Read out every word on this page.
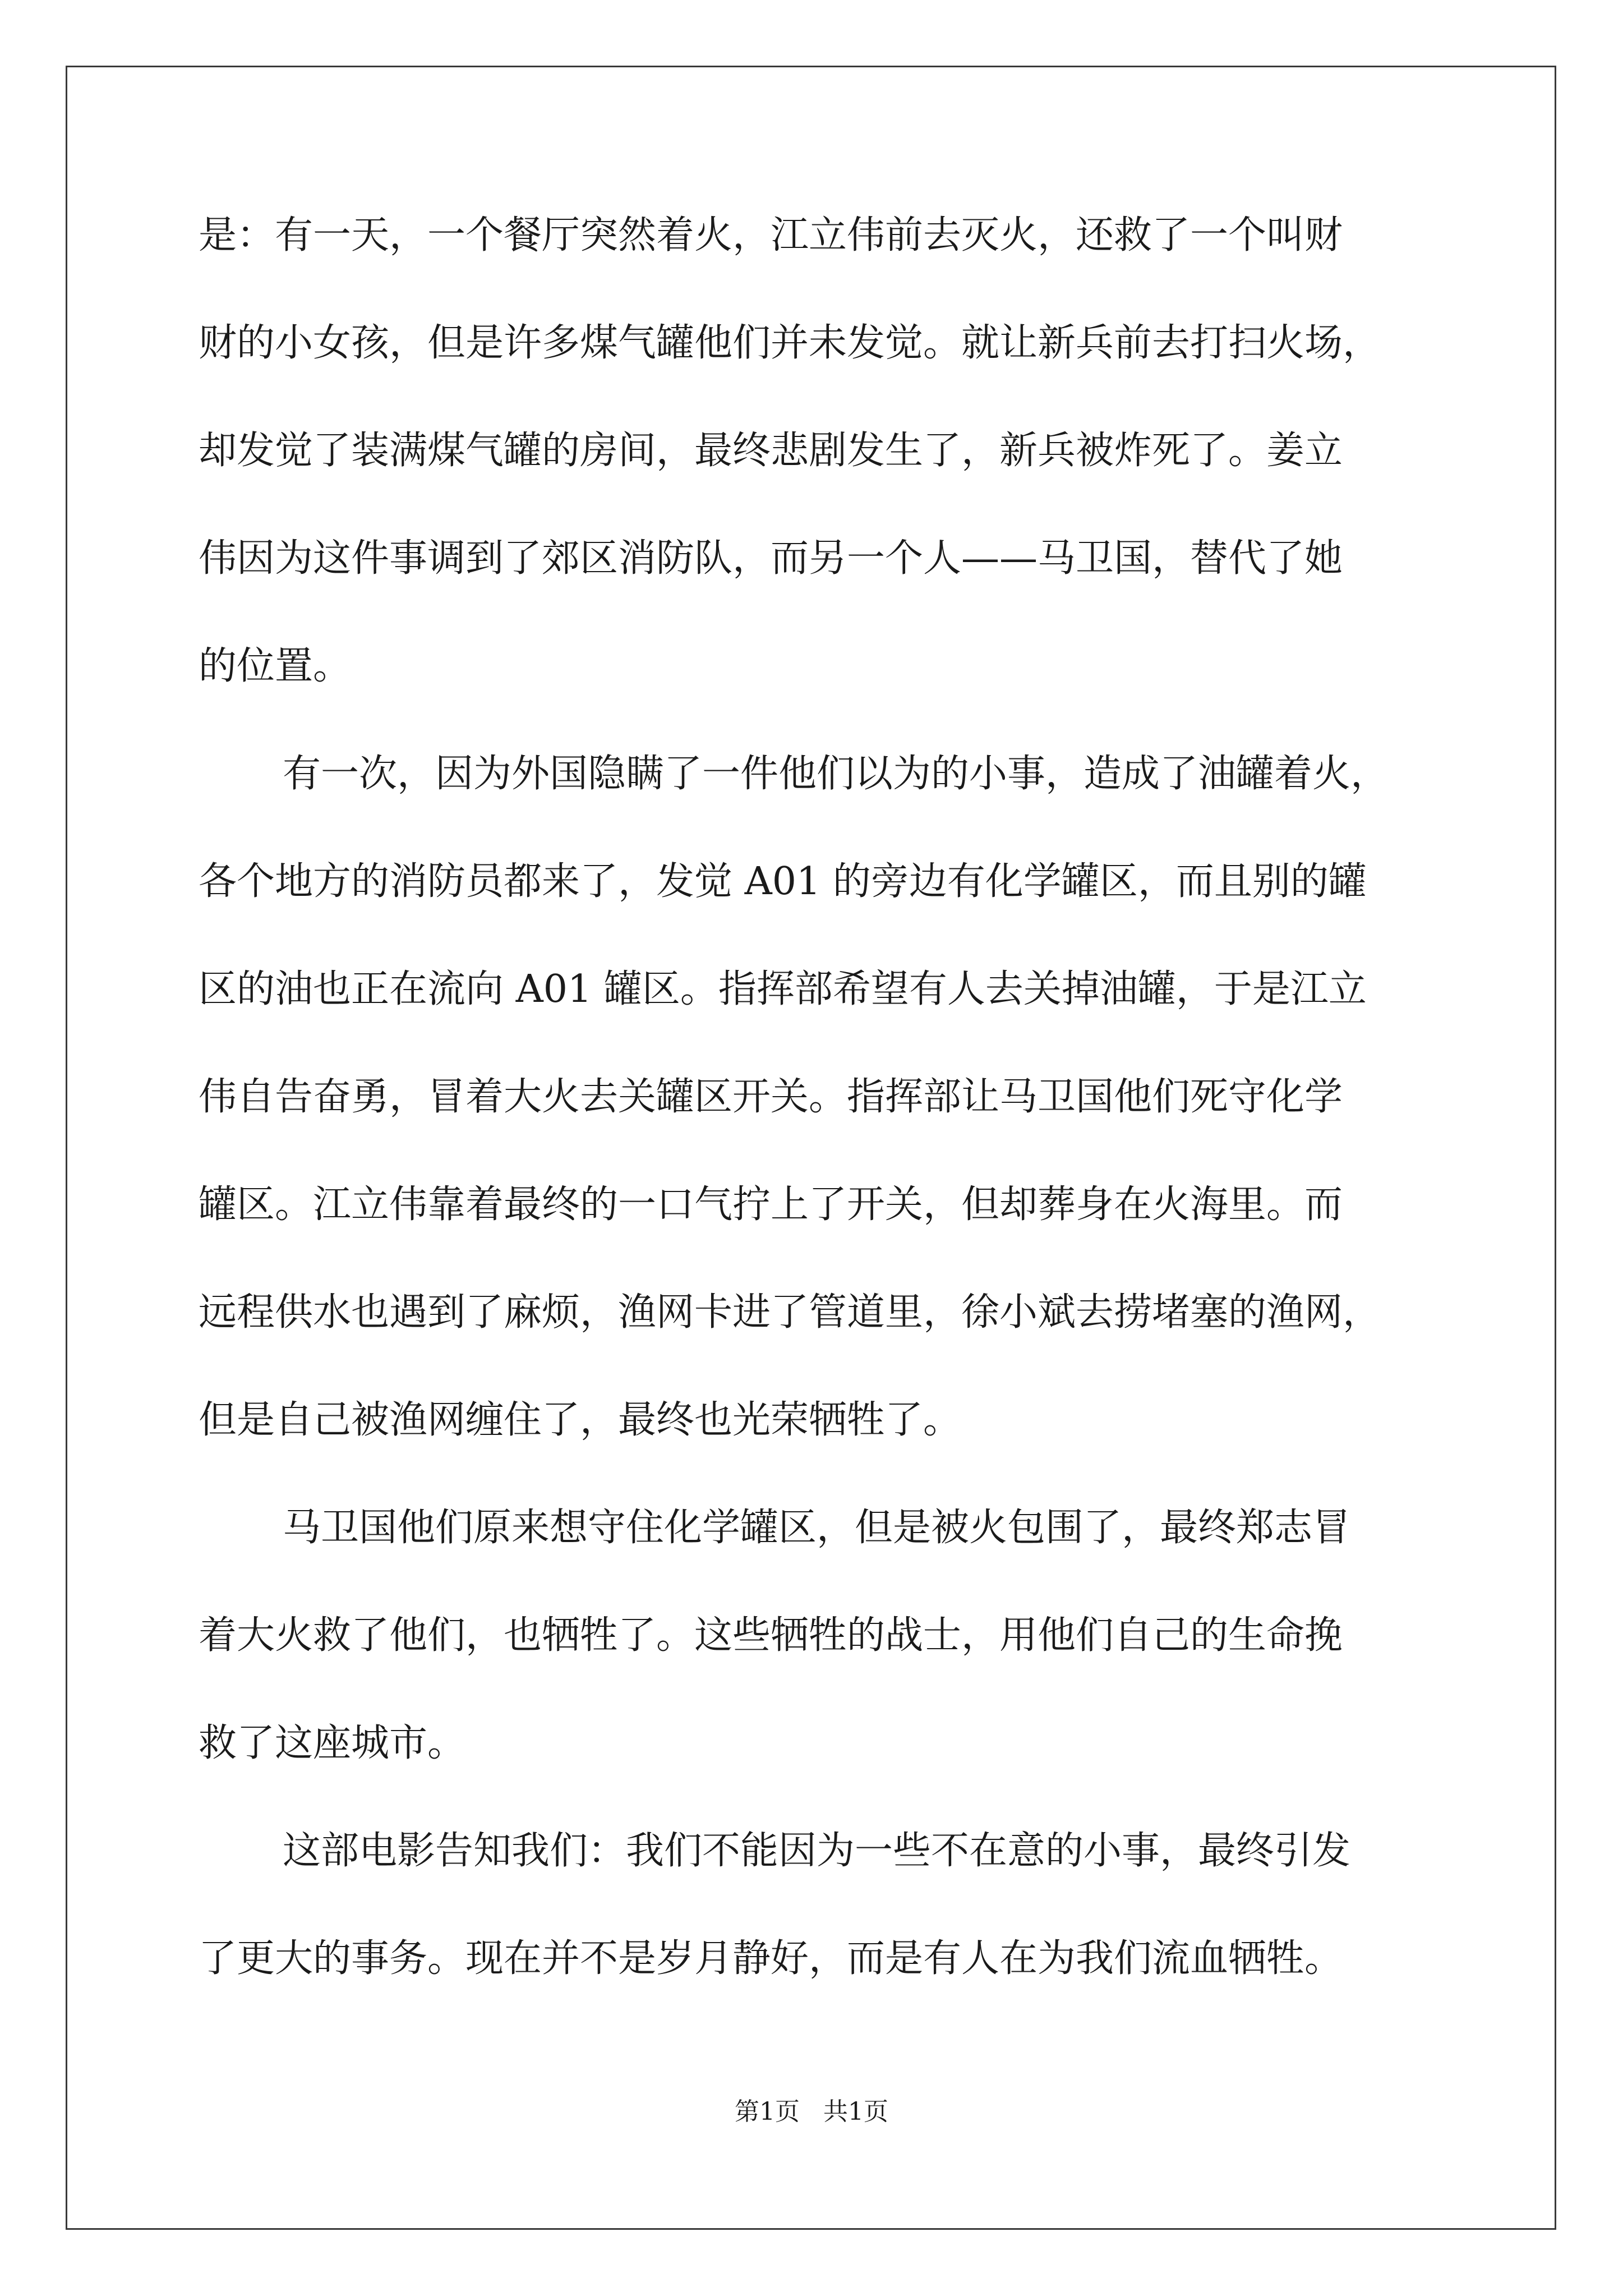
是：有一天，一个餐厅突然着火，江立伟前去灭火，还救了一个叫财
财的小女孩，但是许多煤气罐他们并未发觉。就让新兵前去打扫火场，
却发觉了装满煤气罐的房间，最终悲剧发生了，新兵被炸死了。姜立
伟因为这件事调到了郊区消防队，而另一个人——马卫国，替代了她
的位置。
有一次，因为外国隐瞒了一件他们以为的小事，造成了油罐着火，
各个地方的消防员都来了，发觉 A01 的旁边有化学罐区，而且别的罐
区的油也正在流向 A01 罐区。指挥部希望有人去关掉油罐，于是江立
伟自告奋勇，冒着大火去关罐区开关。指挥部让马卫国他们死守化学
罐区。江立伟靠着最终的一口气拧上了开关，但却葬身在火海里。而
远程供水也遇到了麻烦，渔网卡进了管道里，徐小斌去捞堵塞的渔网，
但是自己被渔网缠住了，最终也光荣牺牲了。
马卫国他们原来想守住化学罐区，但是被火包围了，最终郑志冒
着大火救了他们，也牺牲了。这些牺牲的战士，用他们自己的生命挽
救了这座城市。
这部电影告知我们：我们不能因为一些不在意的小事，最终引发
了更大的事务。现在并不是岁月静好，而是有人在为我们流血牺牲。
第1页   共1页
